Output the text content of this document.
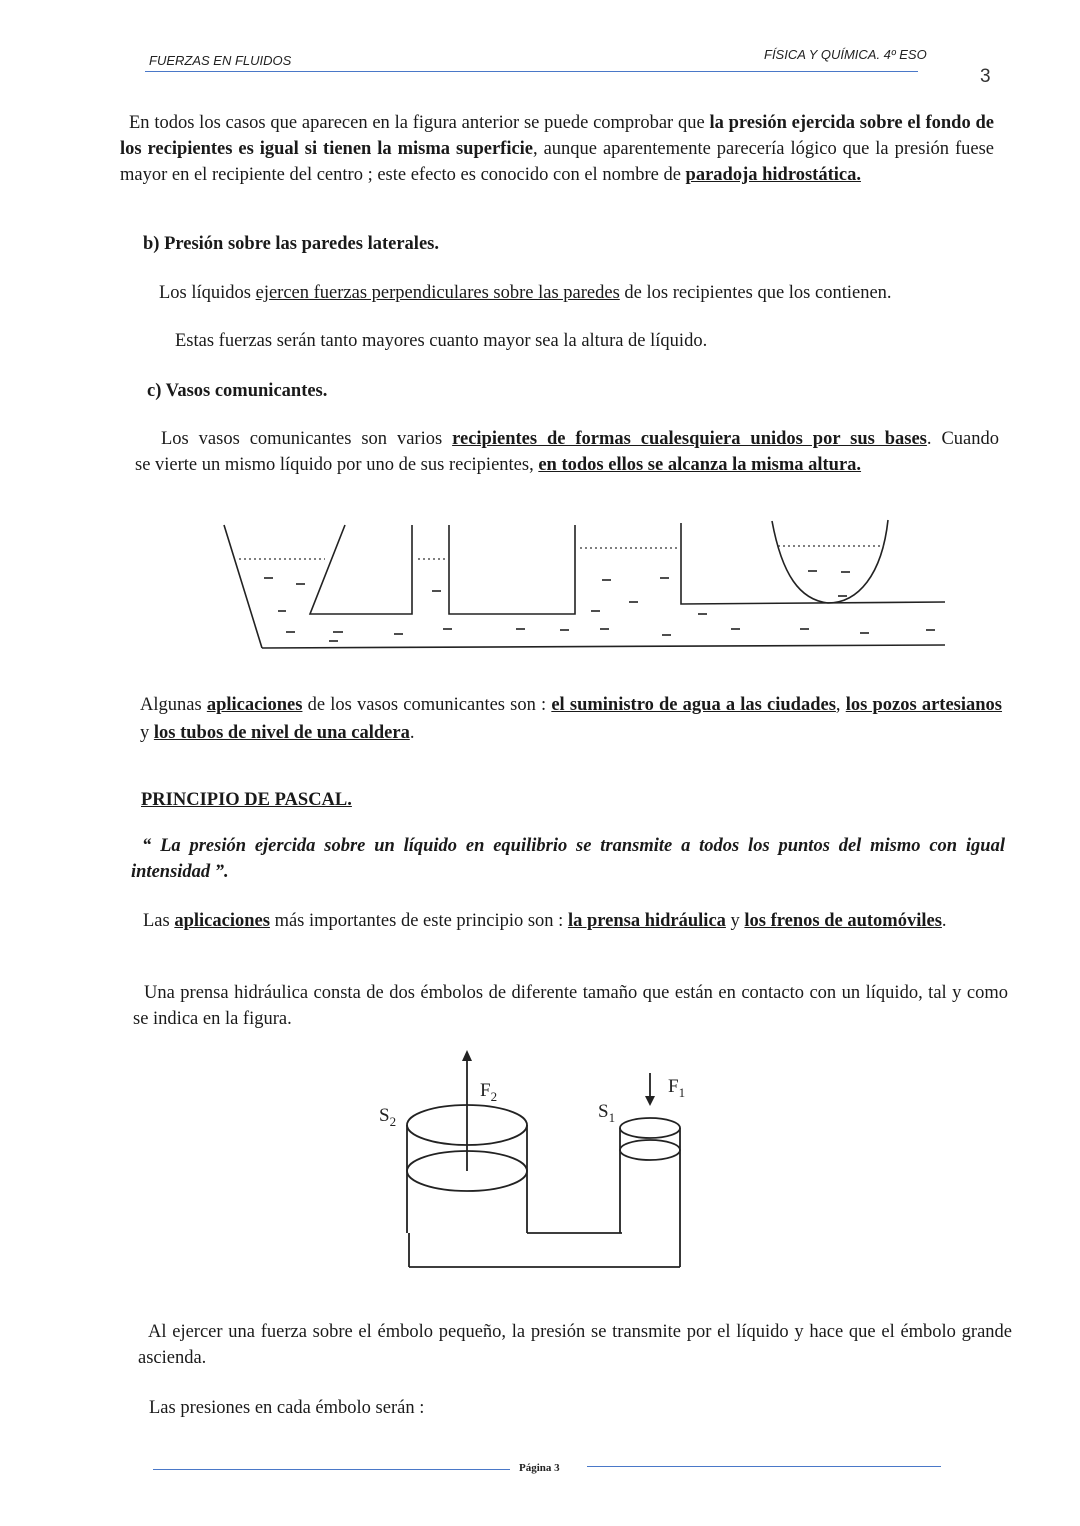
FUERZAS EN FLUIDOS	FÍSICA Y QUÍMICA. 4º ESO
3
En todos los casos que aparecen en la figura anterior se puede comprobar que la presión ejercida sobre el fondo de los recipientes es igual si tienen la misma superficie, aunque aparentemente parecería lógico que la presión fuese mayor en el recipiente del centro ; este efecto es conocido con el nombre de paradoja hidrostática.
b) Presión sobre las paredes laterales.
Los líquidos ejercen fuerzas perpendiculares sobre las paredes de los recipientes que los contienen.
Estas fuerzas serán tanto mayores cuanto mayor sea la altura de líquido.
c) Vasos comunicantes.
Los vasos comunicantes son varios recipientes de formas cualesquiera unidos por sus bases. Cuando
se vierte un mismo líquido por uno de sus recipientes, en todos ellos se alcanza la misma altura.
Algunas aplicaciones de los vasos comunicantes son : el suministro de agua a las ciudades, los pozos artesianos y los tubos de nivel de una caldera.
PRINCIPIO DE PASCAL.
“ La presión ejercida sobre un líquido en equilibrio se transmite a todos los puntos del mismo con igual intensidad ”.
Las aplicaciones más importantes de este principio son : la prensa hidráulica y los frenos de automóviles.
Una prensa hidráulica consta de dos émbolos de diferente tamaño que están en contacto con un líquido, tal y como se indica en la figura.
$F_2$	$F_1$
$S_2$	$S_1$
Al ejercer una fuerza sobre el émbolo pequeño, la presión se transmite por el líquido y hace que el émbolo grande ascienda.
Las presiones en cada émbolo serán :
Página 3
